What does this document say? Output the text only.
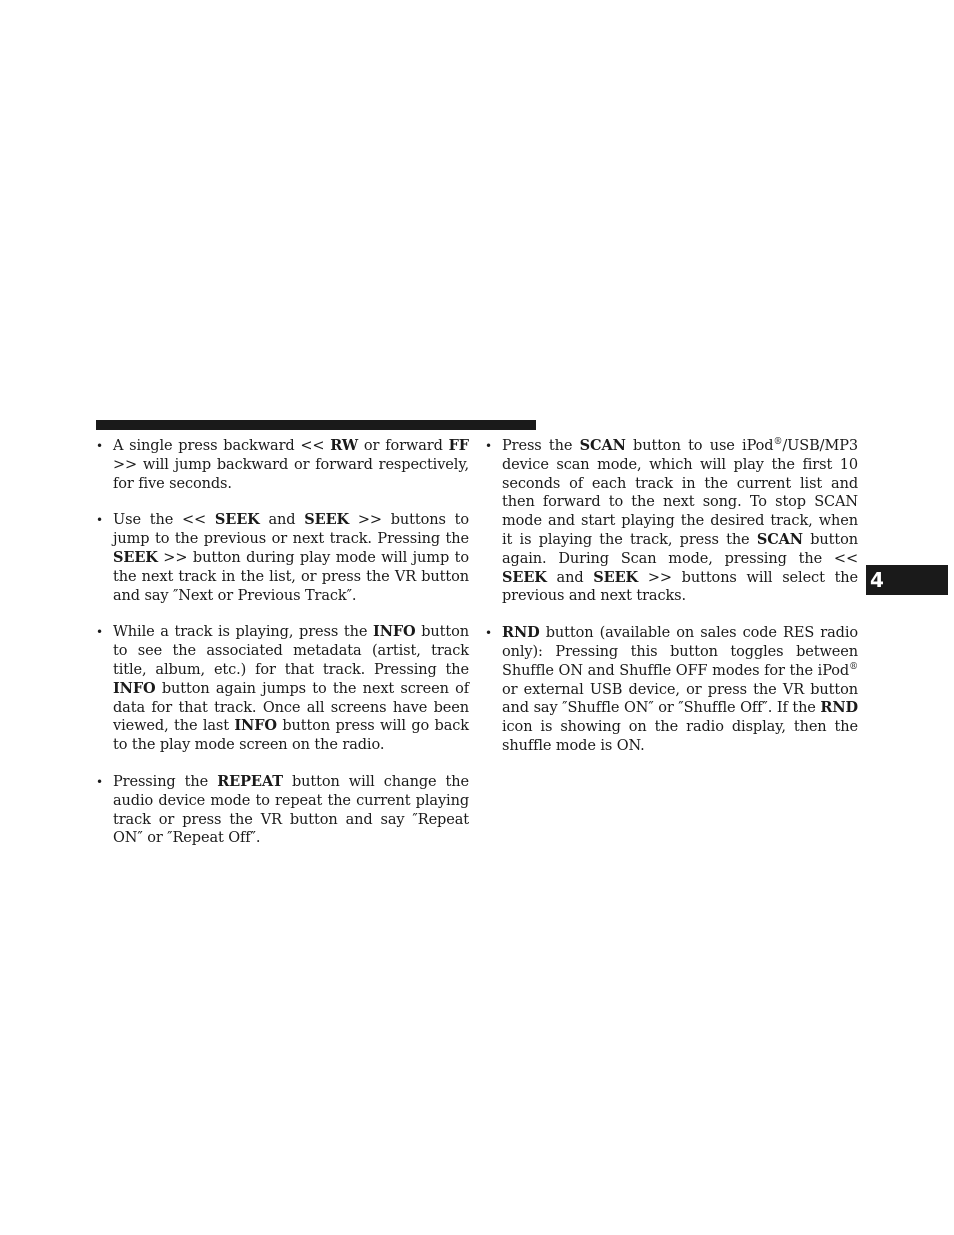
• A single press backward << RW or forward FF >> will jump backward or forward respectively, for five seconds.
• Use the << SEEK and SEEK >> buttons to jump to the previous or next track. Pressing the SEEK >> button during play mode will jump to the next track in the list, or press the VR button and say ″Next or Previous Track″.
• While a track is playing, press the INFO button to see the associated metadata (artist, track title, album, etc.) for that track. Pressing the INFO button again jumps to the next screen of data for that track. Once all screens have been viewed, the last INFO button press will go back to the play mode screen on the radio.
• Pressing the REPEAT button will change the audio device mode to repeat the current playing track or press the VR button and say ″Repeat ON″ or ″Repeat Off″.
• Press the SCAN button to use iPod®/USB/MP3 device scan mode, which will play the first 10 seconds of each track in the current list and then forward to the next song. To stop SCAN mode and start playing the desired track, when it is playing the track, press the SCAN button again. During Scan mode, pressing the << SEEK and SEEK >> buttons will select the previous and next tracks.
• RND button (available on sales code RES radio only): Pressing this button toggles between Shuffle ON and Shuffle OFF modes for the iPod® or external USB device, or press the VR button and say ″Shuffle ON″ or ″Shuffle Off″. If the RND icon is showing on the radio display, then the shuffle mode is ON.
4
